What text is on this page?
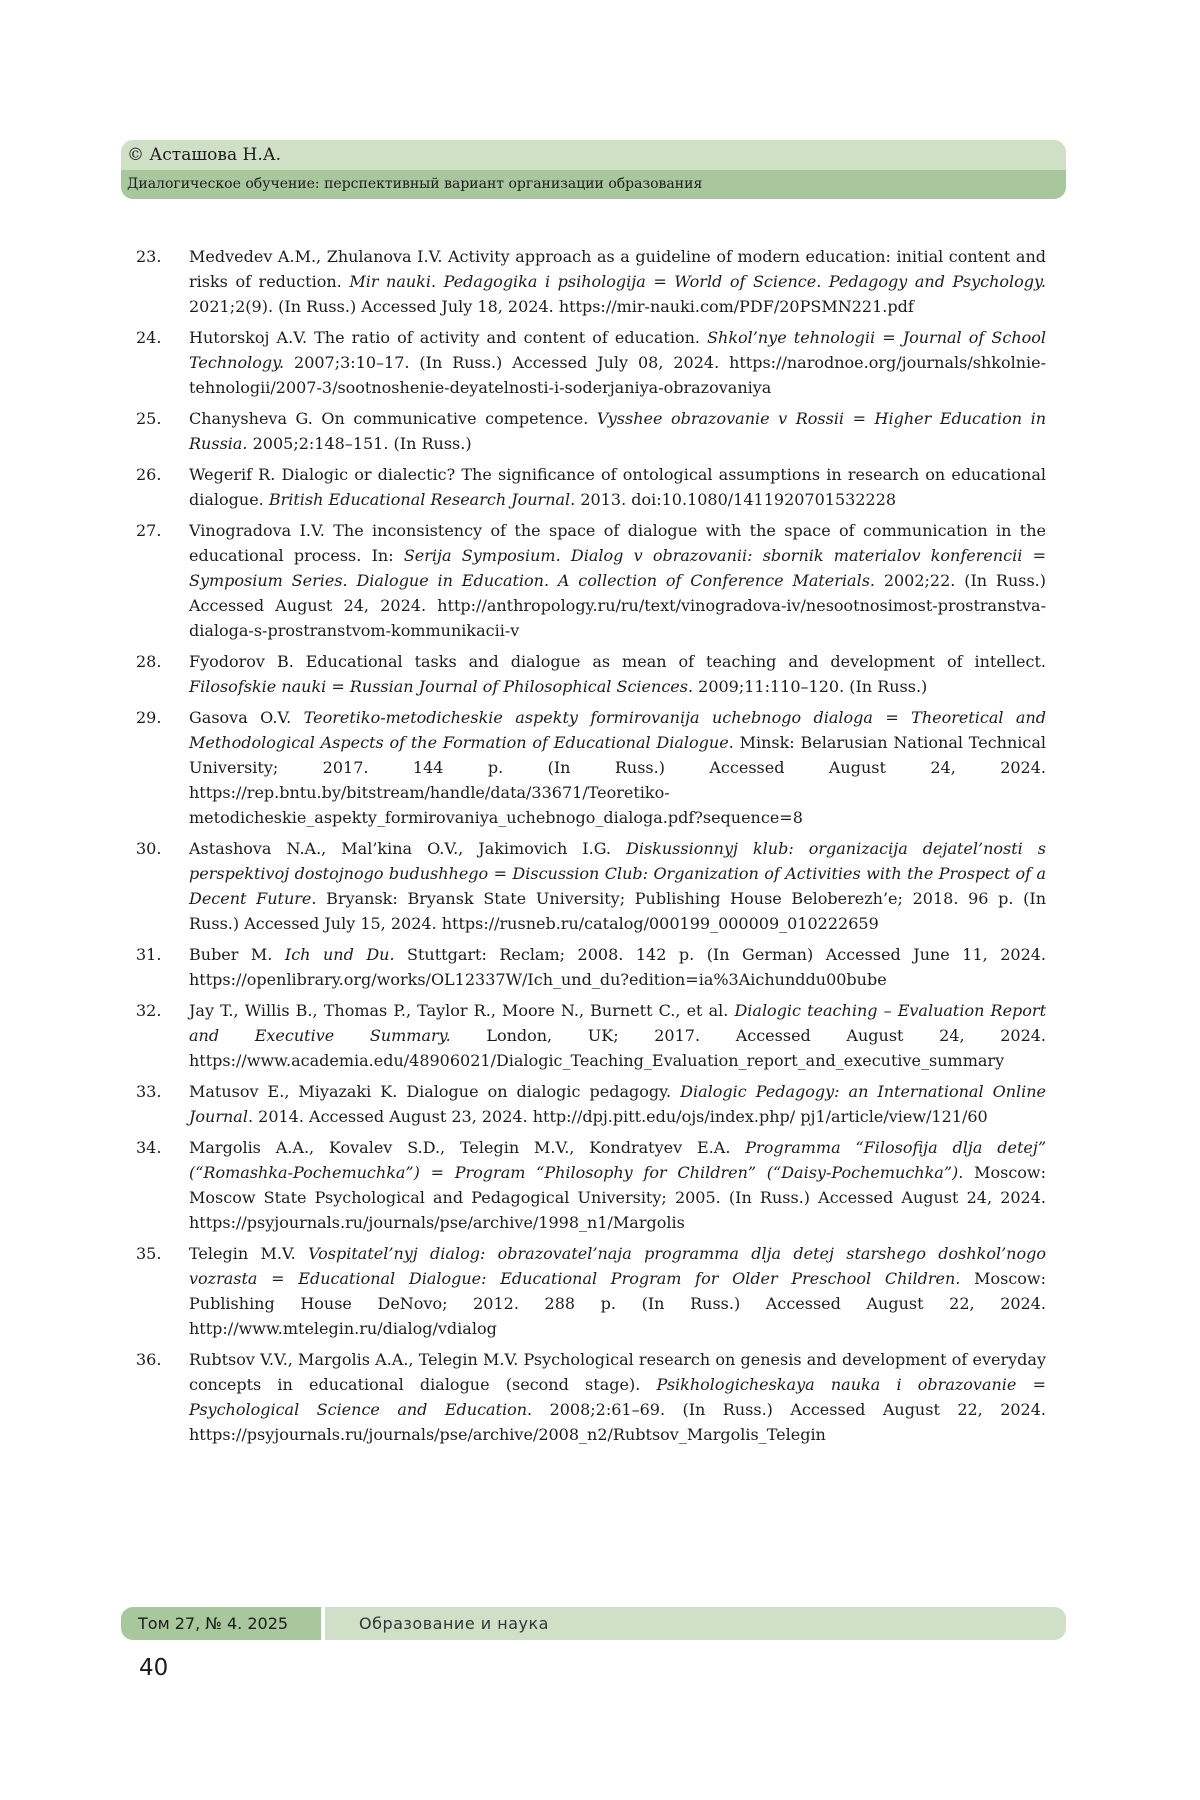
© Асташова Н.А.
Диалогическое обучение: перспективный вариант организации образования
23.	Medvedev A.M., Zhulanova I.V. Activity approach as a guideline of modern education: initial content and risks of reduction. Mir nauki. Pedagogika i psihologija = World of Science. Pedagogy and Psychology. 2021;2(9). (In Russ.) Accessed July 18, 2024. https://mir-nauki.com/PDF/20PSMN221.pdf
24.	Hutorskoj A.V. The ratio of activity and content of education. Shkol’nye tehnologii = Journal of School Technology. 2007;3:10–17. (In Russ.) Accessed July 08, 2024. https://narodnoe.org/journals/shkolnie-tehnologii/2007-3/sootnoshenie-deyatelnosti-i-soderjaniya-obrazovaniya
25.	Chanysheva G. On communicative competence. Vysshee obrazovanie v Rossii = Higher Education in Russia. 2005;2:148–151. (In Russ.)
26.	Wegerif R. Dialogic or dialectic? The significance of ontological assumptions in research on educational dialogue. British Educational Research Journal. 2013. doi:10.1080/1411920701532228
27.	Vinogradova I.V. The inconsistency of the space of dialogue with the space of communication in the educational process. In: Serija Symposium. Dialog v obrazovanii: sbornik materialov konferencii = Symposium Series. Dialogue in Education. A collection of Conference Materials. 2002;22. (In Russ.) Accessed August 24, 2024. http://anthropology.ru/ru/text/vinogradova-iv/nesootnosimost-prostranstva-dialoga-s-prostranstvom-kommunikacii-v
28.	Fyodorov B. Educational tasks and dialogue as mean of teaching and development of intellect. Filosofskie nauki = Russian Journal of Philosophical Sciences. 2009;11:110–120. (In Russ.)
29.	Gasova O.V. Teoretiko-metodicheskie aspekty formirovanija uchebnogo dialoga = Theoretical and Methodological Aspects of the Formation of Educational Dialogue. Minsk: Belarusian National Technical University; 2017. 144 p. (In Russ.) Accessed August 24, 2024. https://rep.bntu.by/bitstream/handle/data/33671/Teoretiko-metodicheskie_aspekty_formirovaniya_uchebnogo_dialoga.pdf?sequence=8
30.	Astashova N.A., Mal’kina O.V., Jakimovich I.G. Diskussionnyj klub: organizacija dejatel’nosti s perspektivoj dostojnogo budushhego = Discussion Club: Organization of Activities with the Prospect of a Decent Future. Bryansk: Bryansk State University; Publishing House Beloberezh’e; 2018. 96 p. (In Russ.) Accessed July 15, 2024. https://rusneb.ru/catalog/000199_000009_010222659
31.	Buber M. Ich und Du. Stuttgart: Reclam; 2008. 142 p. (In German) Accessed June 11, 2024. https://openlibrary.org/works/OL12337W/Ich_und_du?edition=ia%3Aichunddu00bube
32.	Jay T., Willis B., Thomas P., Taylor R., Moore N., Burnett C., et al. Dialogic teaching – Evaluation Report and Executive Summary. London, UK; 2017. Accessed August 24, 2024. https://www.academia.edu/48906021/Dialogic_Teaching_Evaluation_report_and_executive_summary
33.	Matusov E., Miyazaki K. Dialogue on dialogic pedagogy. Dialogic Pedagogy: an International Online Journal. 2014. Accessed August 23, 2024. http://dpj.pitt.edu/ojs/index.php/ pj1/article/view/121/60
34.	Margolis A.A., Kovalev S.D., Telegin M.V., Kondratyev E.A. Programma “Filosofija dlja detej” (“Romashka-Pochemuchka”) = Program “Philosophy for Children” (“Daisy-Pochemuchka”). Moscow: Moscow State Psychological and Pedagogical University; 2005. (In Russ.) Accessed August 24, 2024. https://psyjournals.ru/journals/pse/archive/1998_n1/Margolis
35.	Telegin M.V. Vospitatel’nyj dialog: obrazovatel’naja programma dlja detej starshego doshkol’nogo vozrasta = Educational Dialogue: Educational Program for Older Preschool Children. Moscow: Publishing House DeNovo; 2012. 288 p. (In Russ.) Accessed August 22, 2024. http://www.mtelegin.ru/dialog/vdialog
36.	Rubtsov V.V., Margolis A.A., Telegin M.V. Psychological research on genesis and development of everyday concepts in educational dialogue (second stage). Psikhologicheskaya nauka i obrazovanie = Psychological Science and Education. 2008;2:61–69. (In Russ.) Accessed August 22, 2024. https://psyjournals.ru/journals/pse/archive/2008_n2/Rubtsov_Margolis_Telegin
Том 27, № 4. 2025	Образование и наука
40
